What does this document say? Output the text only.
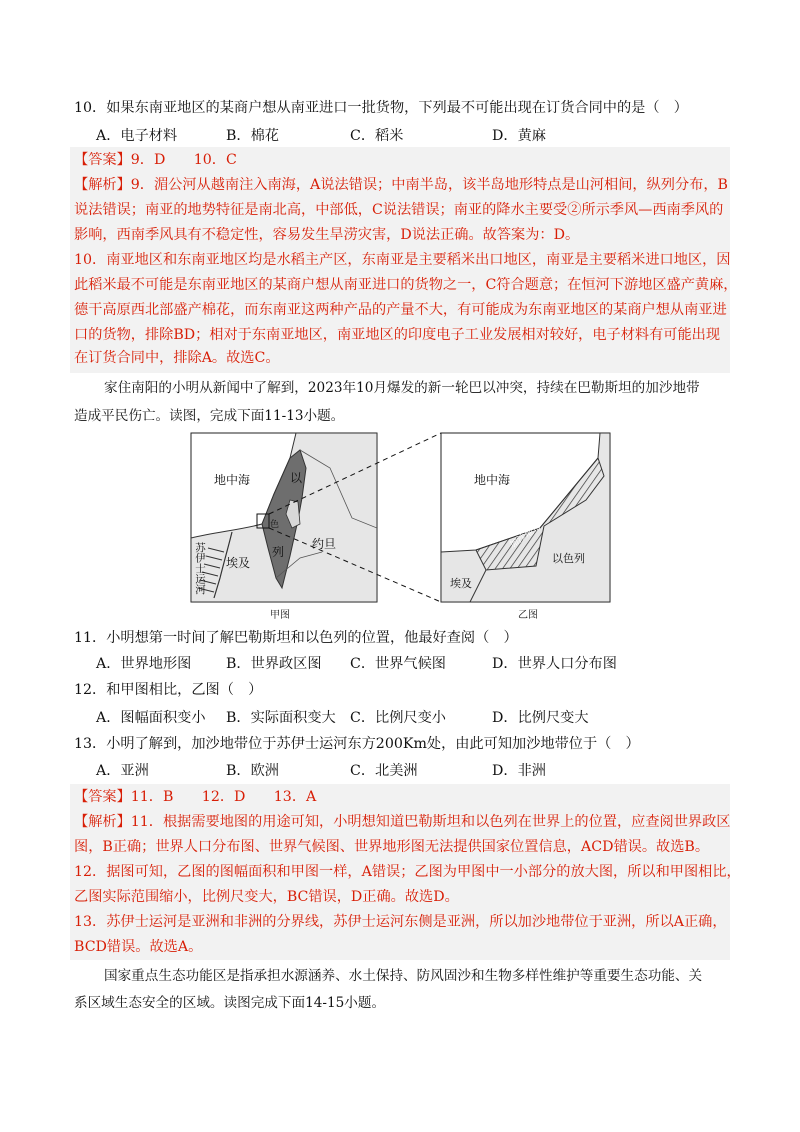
10．如果东南亚地区的某商户想从南亚进口一批货物，下列最不可能出现在订货合同中的是（　）
A．电子材料	B．棉花	C．稻米	D．黄麻
【答案】9．D　　10．C
【解析】9．湄公河从越南注入南海，A说法错误；中南半岛，该半岛地形特点是山河相间，纵列分布，B
说法错误；南亚的地势特征是南北高，中部低，C说法错误；南亚的降水主要受②所示季风—西南季风的
影响，西南季风具有不稳定性，容易发生旱涝灾害，D说法正确。故答案为：D。
10．南亚地区和东南亚地区均是水稻主产区，东南亚是主要稻米出口地区，南亚是主要稻米进口地区，因
此稻米最不可能是东南亚地区的某商户想从南亚进口的货物之一，C符合题意；在恒河下游地区盛产黄麻，
德干高原西北部盛产棉花，而东南亚这两种产品的产量不大，有可能成为东南亚地区的某商户想从南亚进
口的货物，排除BD；相对于东南亚地区，南亚地区的印度电子工业发展相对较好，电子材料有可能出现
在订货合同中，排除A。故选C。
家住南阳的小明从新闻中了解到，2023年10月爆发的新一轮巴以冲突，持续在巴勒斯坦的加沙地带
造成平民伤亡。读图，完成下面11-13小题。
地中海	以
色
列
埃及
约旦
苏伊士运河
甲图
地中海
埃及
以色列
加沙地带
乙图
11．小明想第一时间了解巴勒斯坦和以色列的位置，他最好查阅（　）
A．世界地形图 B．世界政区图 C．世界气候图	D．世界人口分布图
12．和甲图相比，乙图（　）
A．图幅面积变小 B．实际面积变大 C．比例尺变小	D．比例尺变大
13．小明了解到，加沙地带位于苏伊士运河东方200Km处，由此可知加沙地带位于（　）
A．亚洲	B．欧洲	C．北美洲	D．非洲
【答案】11．B　　12．D　　13．A
【解析】11．根据需要地图的用途可知，小明想知道巴勒斯坦和以色列在世界上的位置，应查阅世界政区
图，B正确；世界人口分布图、世界气候图、世界地形图无法提供国家位置信息，ACD错误。故选B。
12．据图可知，乙图的图幅面积和甲图一样，A错误；乙图为甲图中一小部分的放大图，所以和甲图相比，
乙图实际范围缩小，比例尺变大，BC错误，D正确。故选D。
13．苏伊士运河是亚洲和非洲的分界线，苏伊士运河东侧是亚洲，所以加沙地带位于亚洲，所以A正确，
BCD错误。故选A。
国家重点生态功能区是指承担水源涵养、水土保持、防风固沙和生物多样性维护等重要生态功能、关
系区域生态安全的区域。读图完成下面14-15小题。
